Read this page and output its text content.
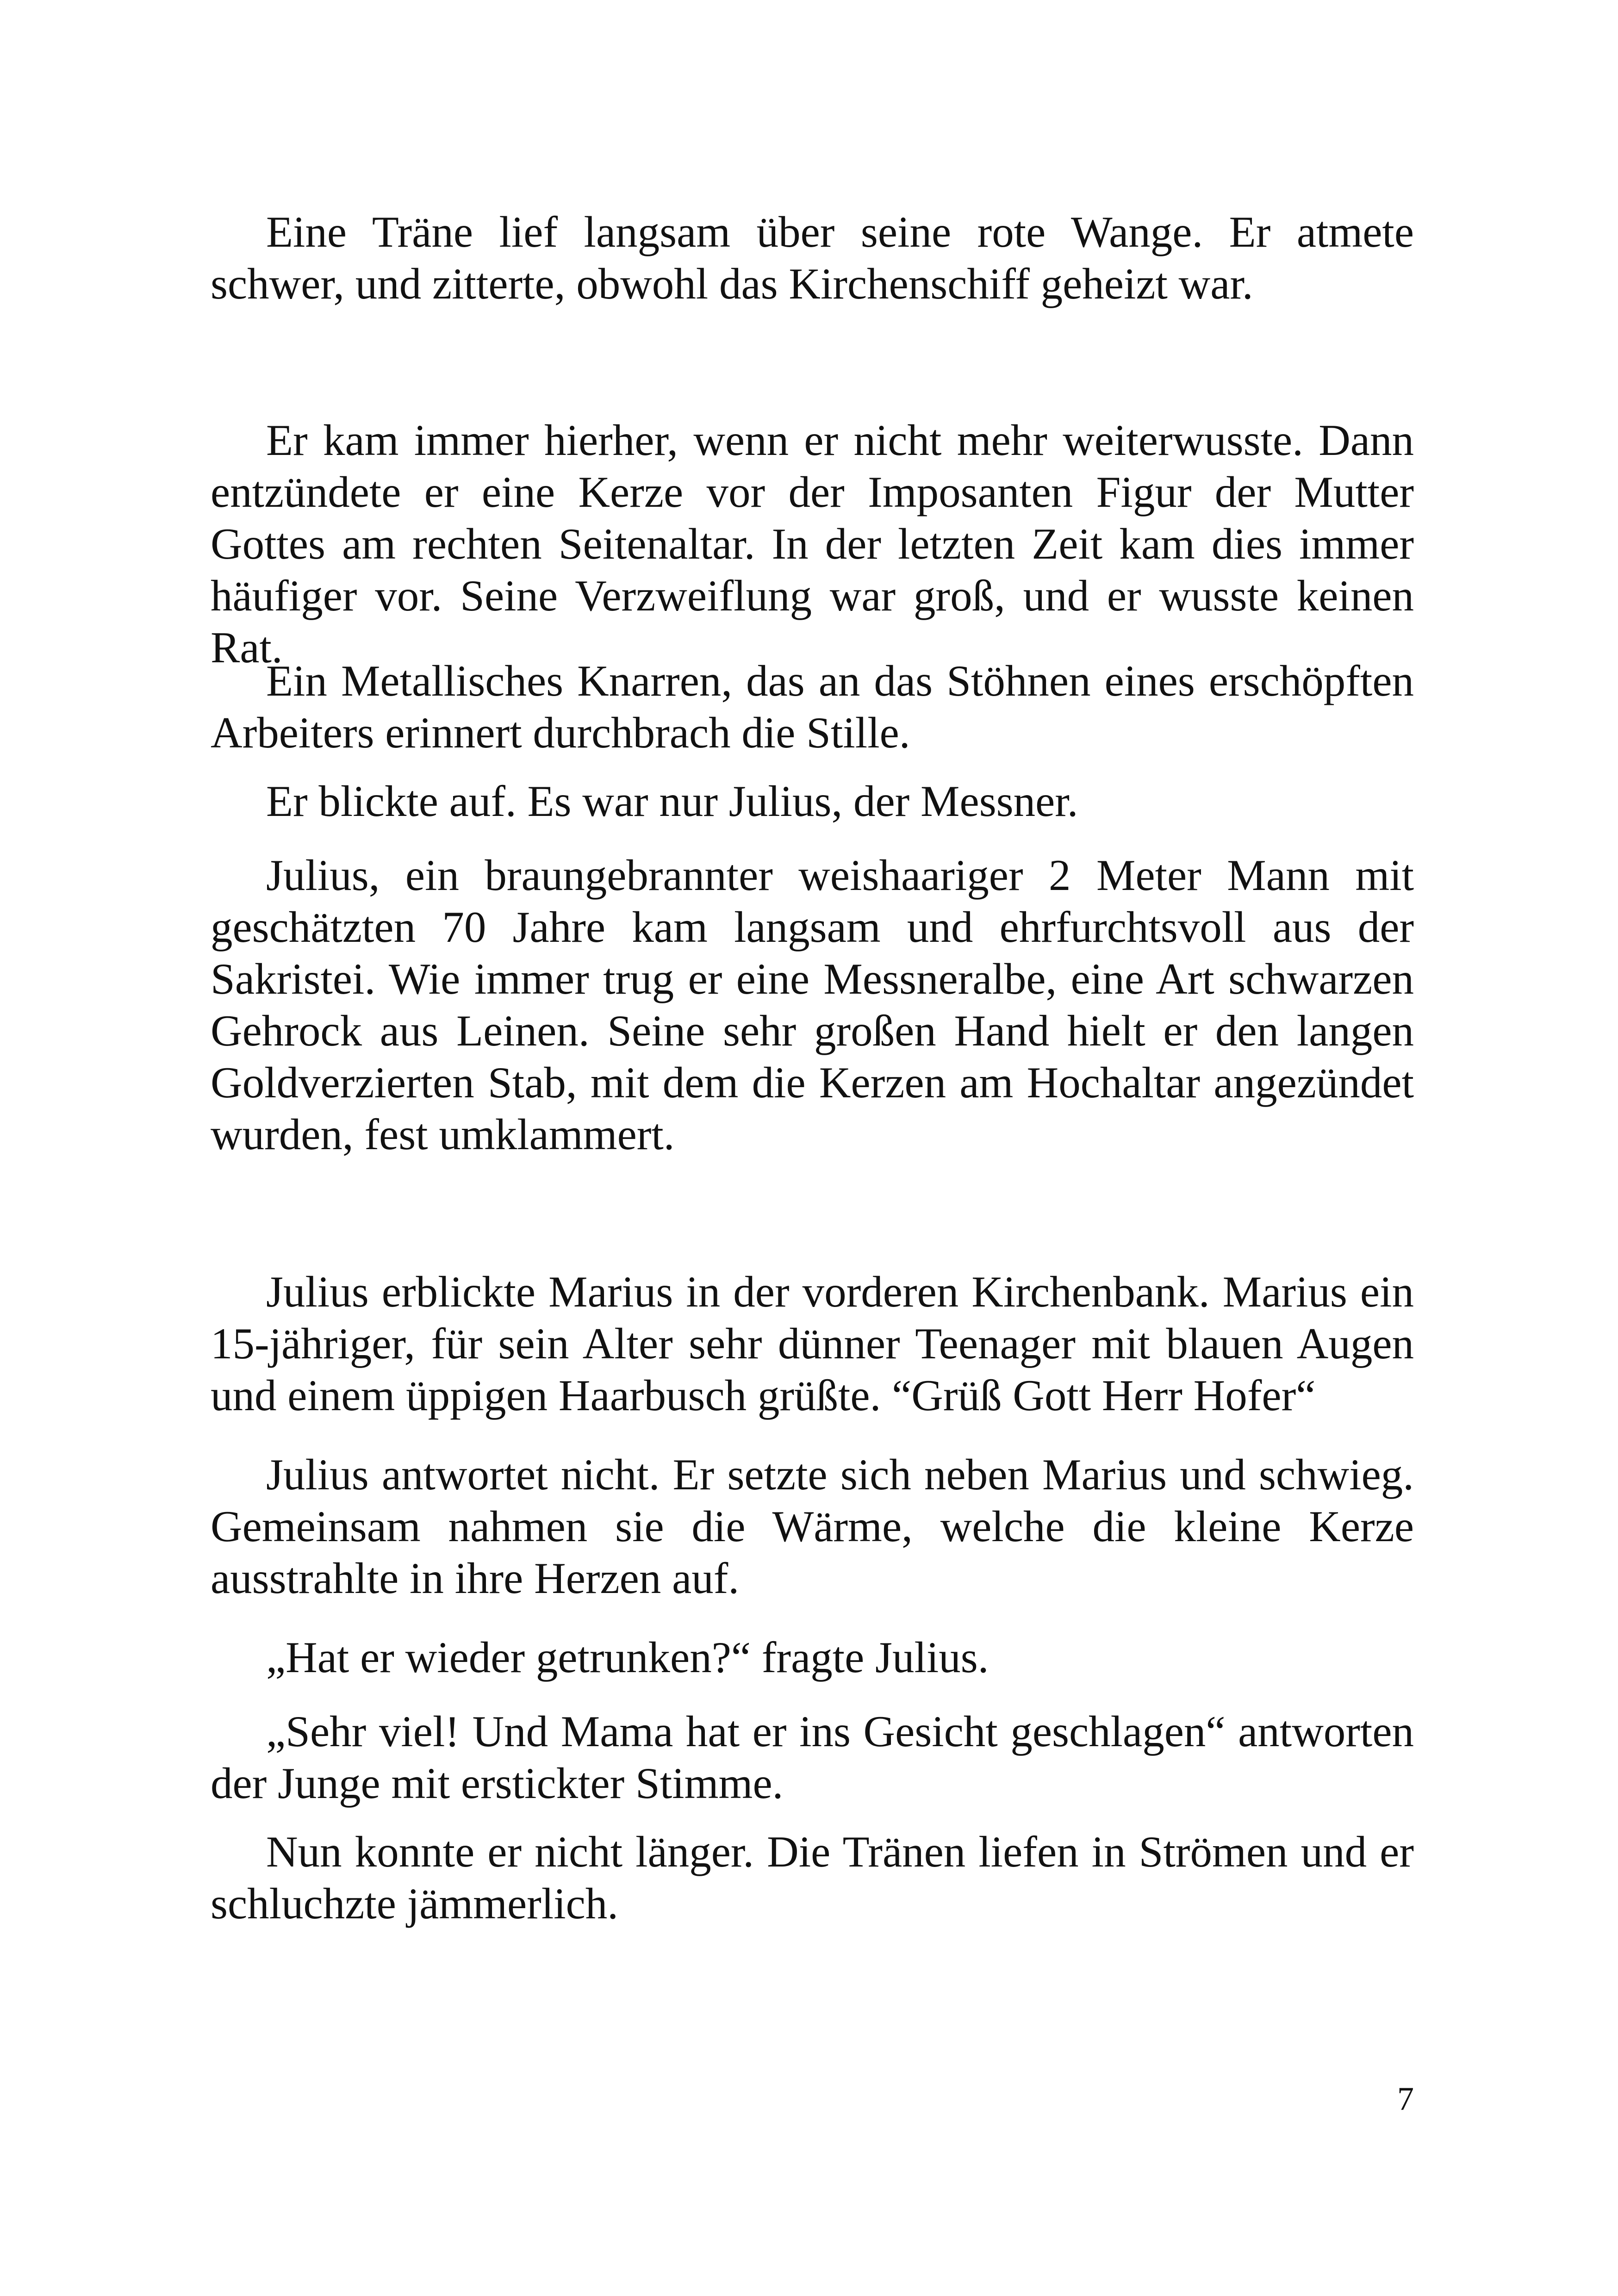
Eine Träne lief langsam über seine rote Wange. Er atmete schwer, und zitterte, obwohl das Kirchenschiff geheizt war.

Er kam immer hierher, wenn er nicht mehr weiterwusste. Dann entzündete er eine Kerze vor der Imposanten Figur der Mutter Gottes am rechten Seitenaltar. In der letzten Zeit kam dies immer häufiger vor. Seine Verzweiflung war groß, und er wusste keinen Rat.

Ein Metallisches Knarren, das an das Stöhnen eines erschöpften Arbeiters erinnert durchbrach die Stille.

Er blickte auf. Es war nur Julius, der Messner.

Julius, ein braungebrannter weishaariger 2 Meter Mann mit geschätzten 70 Jahre kam langsam und ehrfurchtsvoll aus der Sakristei. Wie immer trug er eine Messneralbe, eine Art schwarzen Gehrock aus Leinen. Seine sehr großen Hand hielt er den langen Goldverzierten Stab, mit dem die Kerzen am Hochaltar angezündet wurden, fest umklammert.

Julius erblickte Marius in der vorderen Kirchenbank. Marius ein 15-jähriger, für sein Alter sehr dünner Teenager mit blauen Augen und einem üppigen Haarbusch grüßte. “Grüß Gott Herr Hofer“

Julius antwortet nicht. Er setzte sich neben Marius und schwieg. Gemeinsam nahmen sie die Wärme, welche die kleine Kerze ausstrahlte in ihre Herzen auf.

„Hat er wieder getrunken?“ fragte Julius.

„Sehr viel! Und Mama hat er ins Gesicht geschlagen“ antworten der Junge mit erstickter Stimme.

Nun konnte er nicht länger. Die Tränen liefen in Strömen und er schluchzte jämmerlich.

7
